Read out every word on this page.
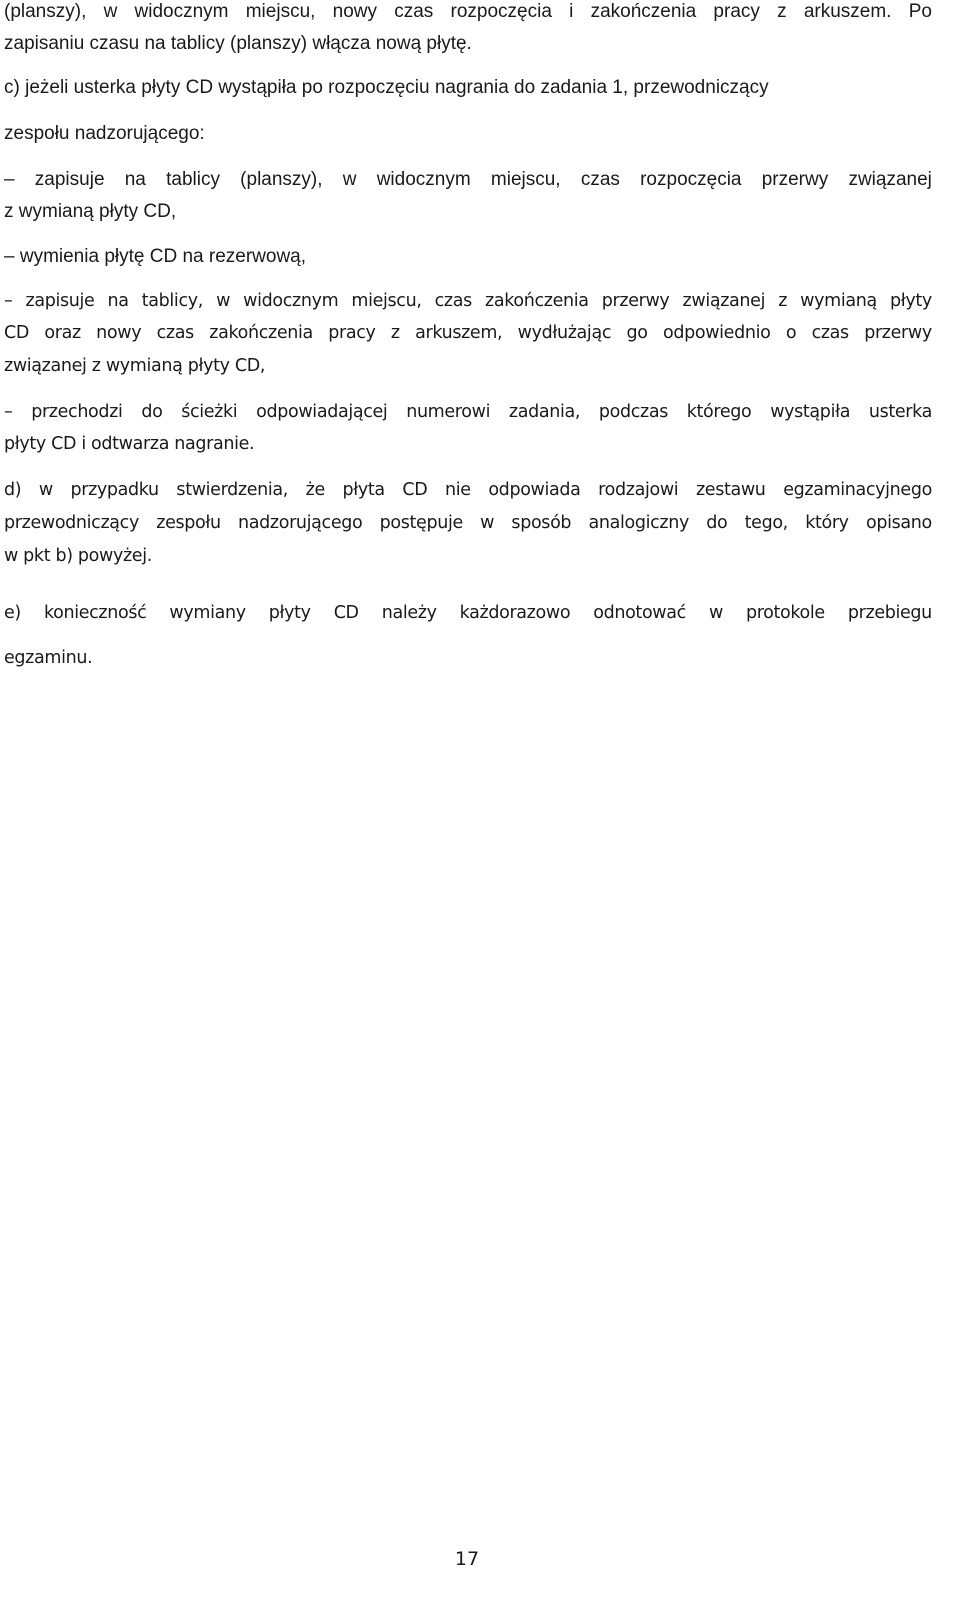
(planszy), w widocznym miejscu, nowy czas rozpoczęcia i zakończenia pracy z arkuszem. Po
zapisaniu czasu na tablicy (planszy) włącza nową płytę.
c) jeżeli usterka płyty CD wystąpiła po rozpoczęciu nagrania do zadania 1, przewodniczący
zespołu nadzorującego:
– zapisuje na tablicy (planszy), w widocznym miejscu, czas rozpoczęcia przerwy związanej
z wymianą płyty CD,
– wymienia płytę CD na rezerwową,
– zapisuje na tablicy, w widocznym miejscu, czas zakończenia przerwy związanej z wymianą płyty
CD oraz nowy czas zakończenia pracy z arkuszem, wydłużając go odpowiednio o czas przerwy
związanej z wymianą płyty CD,
– przechodzi do ścieżki odpowiadającej numerowi zadania, podczas którego wystąpiła usterka
płyty CD i odtwarza nagranie.
d) w przypadku stwierdzenia, że płyta CD nie odpowiada rodzajowi zestawu egzaminacyjnego
przewodniczący zespołu nadzorującego postępuje w sposób analogiczny do tego, który opisano
w pkt b) powyżej.
e) konieczność wymiany płyty CD należy każdorazowo odnotować w protokole przebiegu
egzaminu.
17
